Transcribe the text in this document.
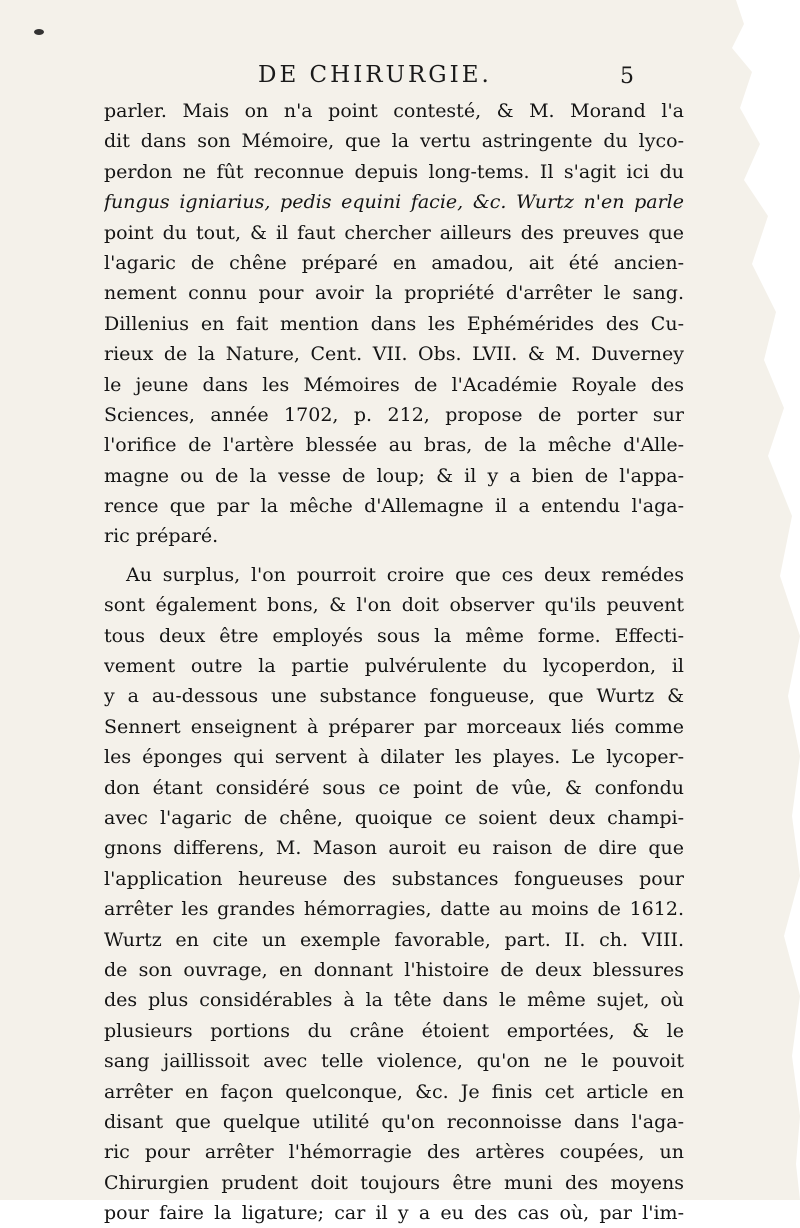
DE CHIRURGIE.	5
parler. Mais on n'a point contesté, & M. Morand l'a
dit dans son Mémoire, que la vertu astringente du lyco-
perdon ne fût reconnue depuis long-tems. Il s'agit ici du
fungus igniarius, pedis equini facie, &c. Wurtz n'en parle
point du tout, & il faut chercher ailleurs des preuves que
l'agaric de chêne préparé en amadou, ait été ancien-
nement connu pour avoir la propriété d'arrêter le sang.
Dillenius en fait mention dans les Ephémérides des Cu-
rieux de la Nature, Cent. VII. Obs. LVII. & M. Duverney
le jeune dans les Mémoires de l'Académie Royale des
Sciences, année 1702, p. 212, propose de porter sur
l'orifice de l'artère blessée au bras, de la mêche d'Alle-
magne ou de la vesse de loup; & il y a bien de l'appa-
rence que par la mêche d'Allemagne il a entendu l'aga-
ric préparé.
Au surplus, l'on pourroit croire que ces deux remédes
sont également bons, & l'on doit observer qu'ils peuvent
tous deux être employés sous la même forme. Effecti-
vement outre la partie pulvérulente du lycoperdon, il
y a au-dessous une substance fongueuse, que Wurtz &
Sennert enseignent à préparer par morceaux liés comme
les éponges qui servent à dilater les playes. Le lycoper-
don étant considéré sous ce point de vûe, & confondu
avec l'agaric de chêne, quoique ce soient deux champi-
gnons differens, M. Mason auroit eu raison de dire que
l'application heureuse des substances fongueuses pour
arrêter les grandes hémorragies, datte au moins de 1612.
Wurtz en cite un exemple favorable, part. II. ch. VIII.
de son ouvrage, en donnant l'histoire de deux blessures
des plus considérables à la tête dans le même sujet, où
plusieurs portions du crâne étoient emportées, & le
sang jaillissoit avec telle violence, qu'on ne le pouvoit
arrêter en façon quelconque, &c. Je finis cet article en
disant que quelque utilité qu'on reconnoisse dans l'aga-
ric pour arrêter l'hémorragie des artères coupées, un
Chirurgien prudent doit toujours être muni des moyens
pour faire la ligature; car il y a eu des cas où, par l'im-
